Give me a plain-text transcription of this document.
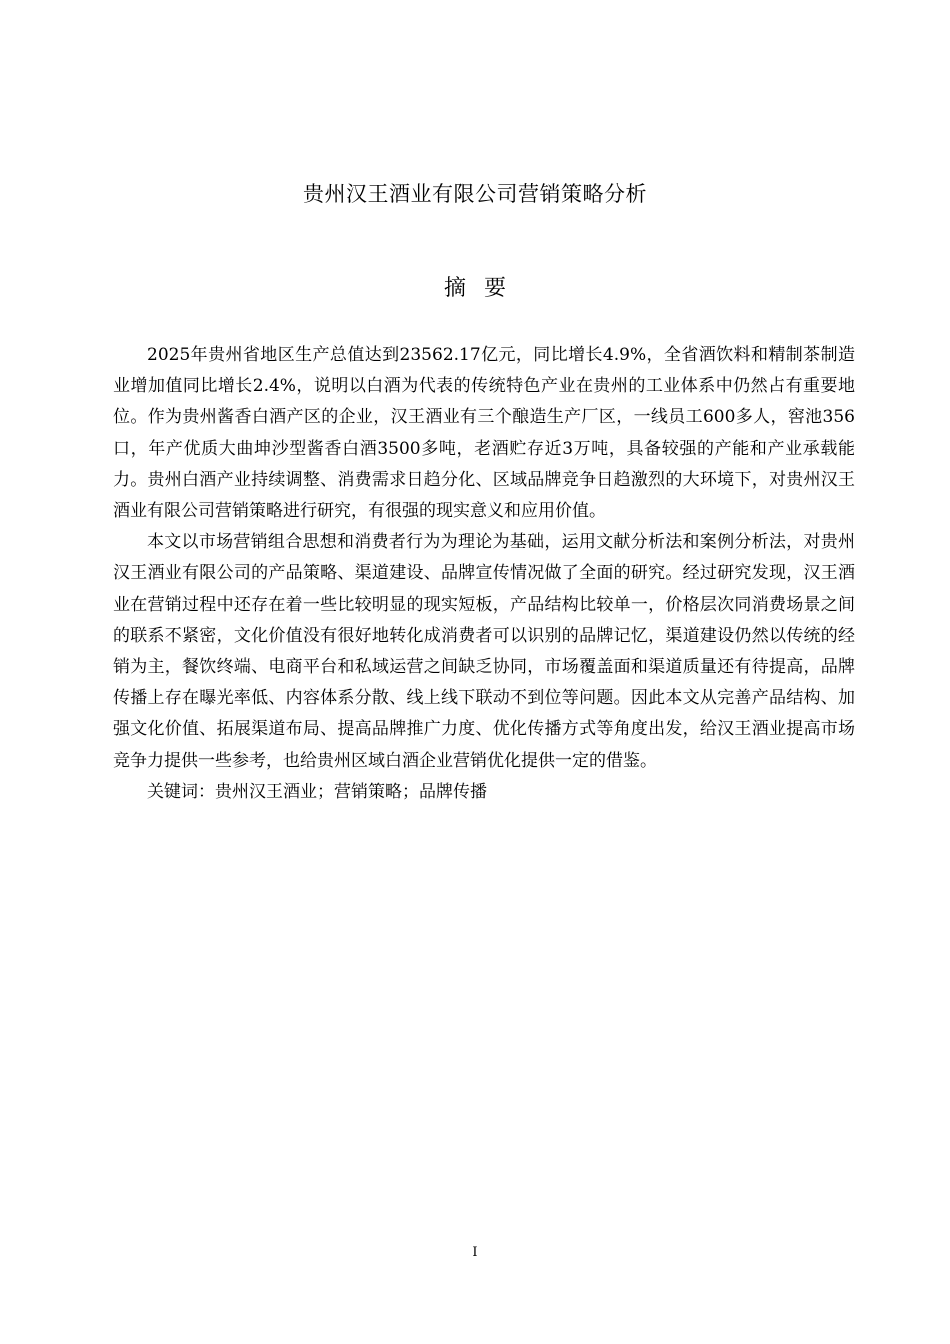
贵州汉王酒业有限公司营销策略分析
摘要

2025年贵州省地区生产总值达到23562.17亿元，同比增长4.9%，全省酒饮料和精制茶制造业增加值同比增长2.4%，说明以白酒为代表的传统特色产业在贵州的工业体系中仍然占有重要地位。作为贵州酱香白酒产区的企业，汉王酒业有三个酿造生产厂区，一线员工600多人，窖池356口，年产优质大曲坤沙型酱香白酒3500多吨，老酒贮存近3万吨，具备较强的产能和产业承载能力。贵州白酒产业持续调整、消费需求日趋分化、区域品牌竞争日趋激烈的大环境下，对贵州汉王酒业有限公司营销策略进行研究，有很强的现实意义和应用价值。

本文以市场营销组合思想和消费者行为为理论为基础，运用文献分析法和案例分析法，对贵州汉王酒业有限公司的产品策略、渠道建设、品牌宣传情况做了全面的研究。经过研究发现，汉王酒业在营销过程中还存在着一些比较明显的现实短板，产品结构比较单一，价格层次同消费场景之间的联系不紧密，文化价值没有很好地转化成消费者可以识别的品牌记忆，渠道建设仍然以传统的经销为主，餐饮终端、电商平台和私域运营之间缺乏协同，市场覆盖面和渠道质量还有待提高，品牌传播上存在曝光率低、内容体系分散、线上线下联动不到位等问题。因此本文从完善产品结构、加强文化价值、拓展渠道布局、提高品牌推广力度、优化传播方式等角度出发，给汉王酒业提高市场竞争力提供一些参考，也给贵州区域白酒企业营销优化提供一定的借鉴。

关键词：贵州汉王酒业；营销策略；品牌传播

I
